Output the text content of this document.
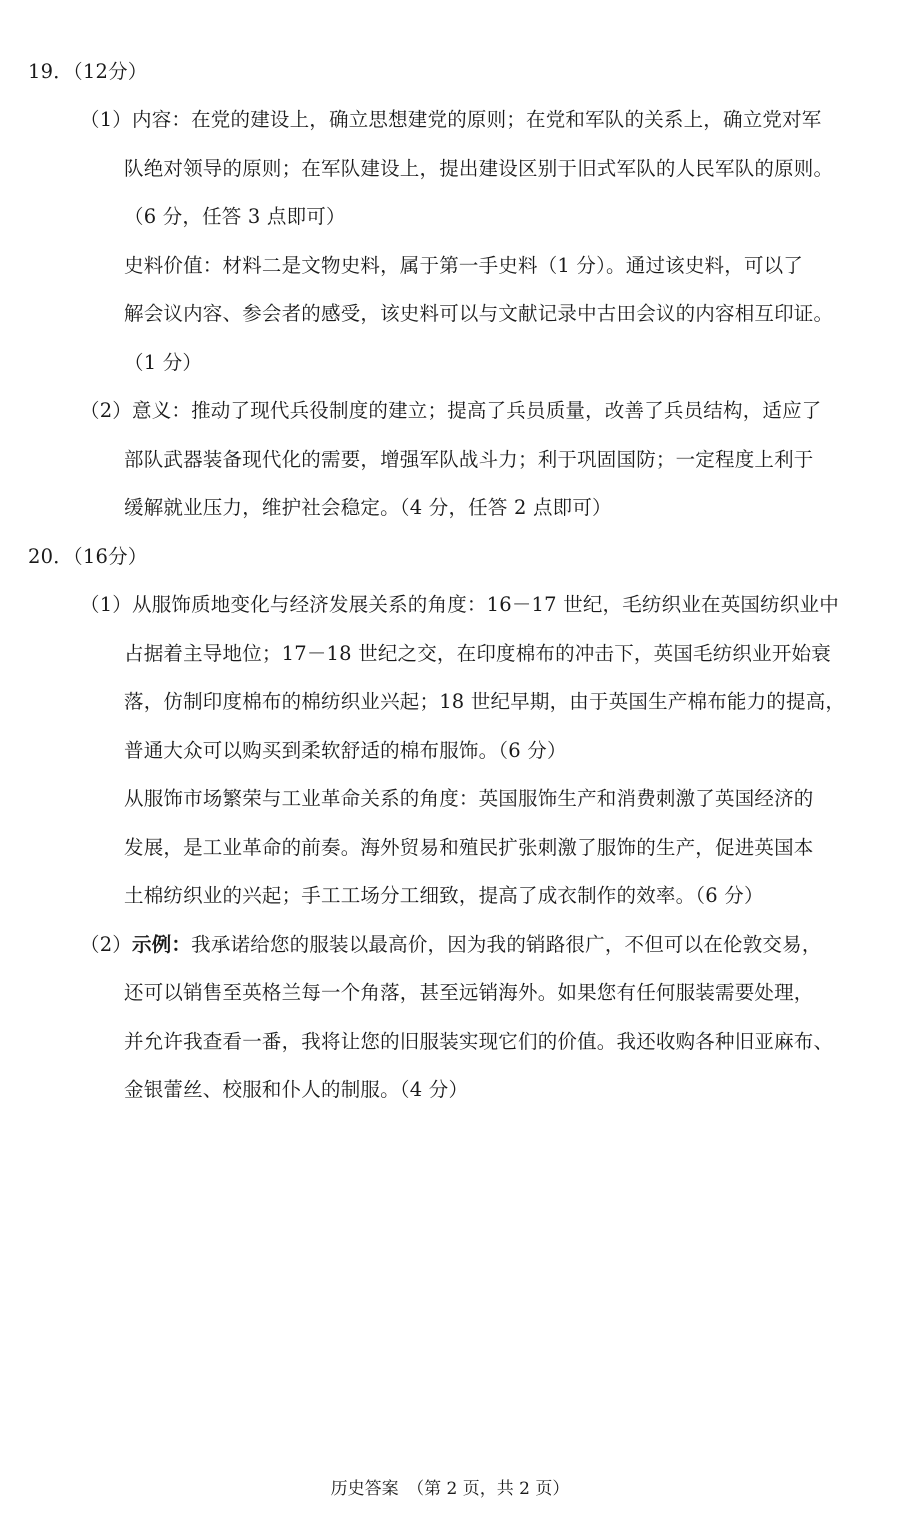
19．（12分）
（1）内容：在党的建设上，确立思想建党的原则；在党和军队的关系上，确立党对军
队绝对领导的原则；在军队建设上，提出建设区别于旧式军队的人民军队的原则。
（6 分，任答 3 点即可）
史料价值：材料二是文物史料，属于第一手史料（1 分）。通过该史料，可以了
解会议内容、参会者的感受，该史料可以与文献记录中古田会议的内容相互印证。
（1 分）
（2）意义：推动了现代兵役制度的建立；提高了兵员质量，改善了兵员结构，适应了
部队武器装备现代化的需要，增强军队战斗力；利于巩固国防；一定程度上利于
缓解就业压力，维护社会稳定。（4 分，任答 2 点即可）
20．（16分）
（1）从服饰质地变化与经济发展关系的角度：16－17 世纪，毛纺织业在英国纺织业中
占据着主导地位；17－18 世纪之交，在印度棉布的冲击下，英国毛纺织业开始衰
落，仿制印度棉布的棉纺织业兴起；18 世纪早期，由于英国生产棉布能力的提高，
普通大众可以购买到柔软舒适的棉布服饰。（6 分）
从服饰市场繁荣与工业革命关系的角度：英国服饰生产和消费刺激了英国经济的
发展，是工业革命的前奏。海外贸易和殖民扩张刺激了服饰的生产，促进英国本
土棉纺织业的兴起；手工工场分工细致，提高了成衣制作的效率。（6 分）
（2）示例：我承诺给您的服装以最高价，因为我的销路很广，不但可以在伦敦交易，
还可以销售至英格兰每一个角落，甚至远销海外。如果您有任何服装需要处理，
并允许我查看一番，我将让您的旧服装实现它们的价值。我还收购各种旧亚麻布、
金银蕾丝、校服和仆人的制服。（4 分）
历史答案　（第 2 页，共 2 页）
